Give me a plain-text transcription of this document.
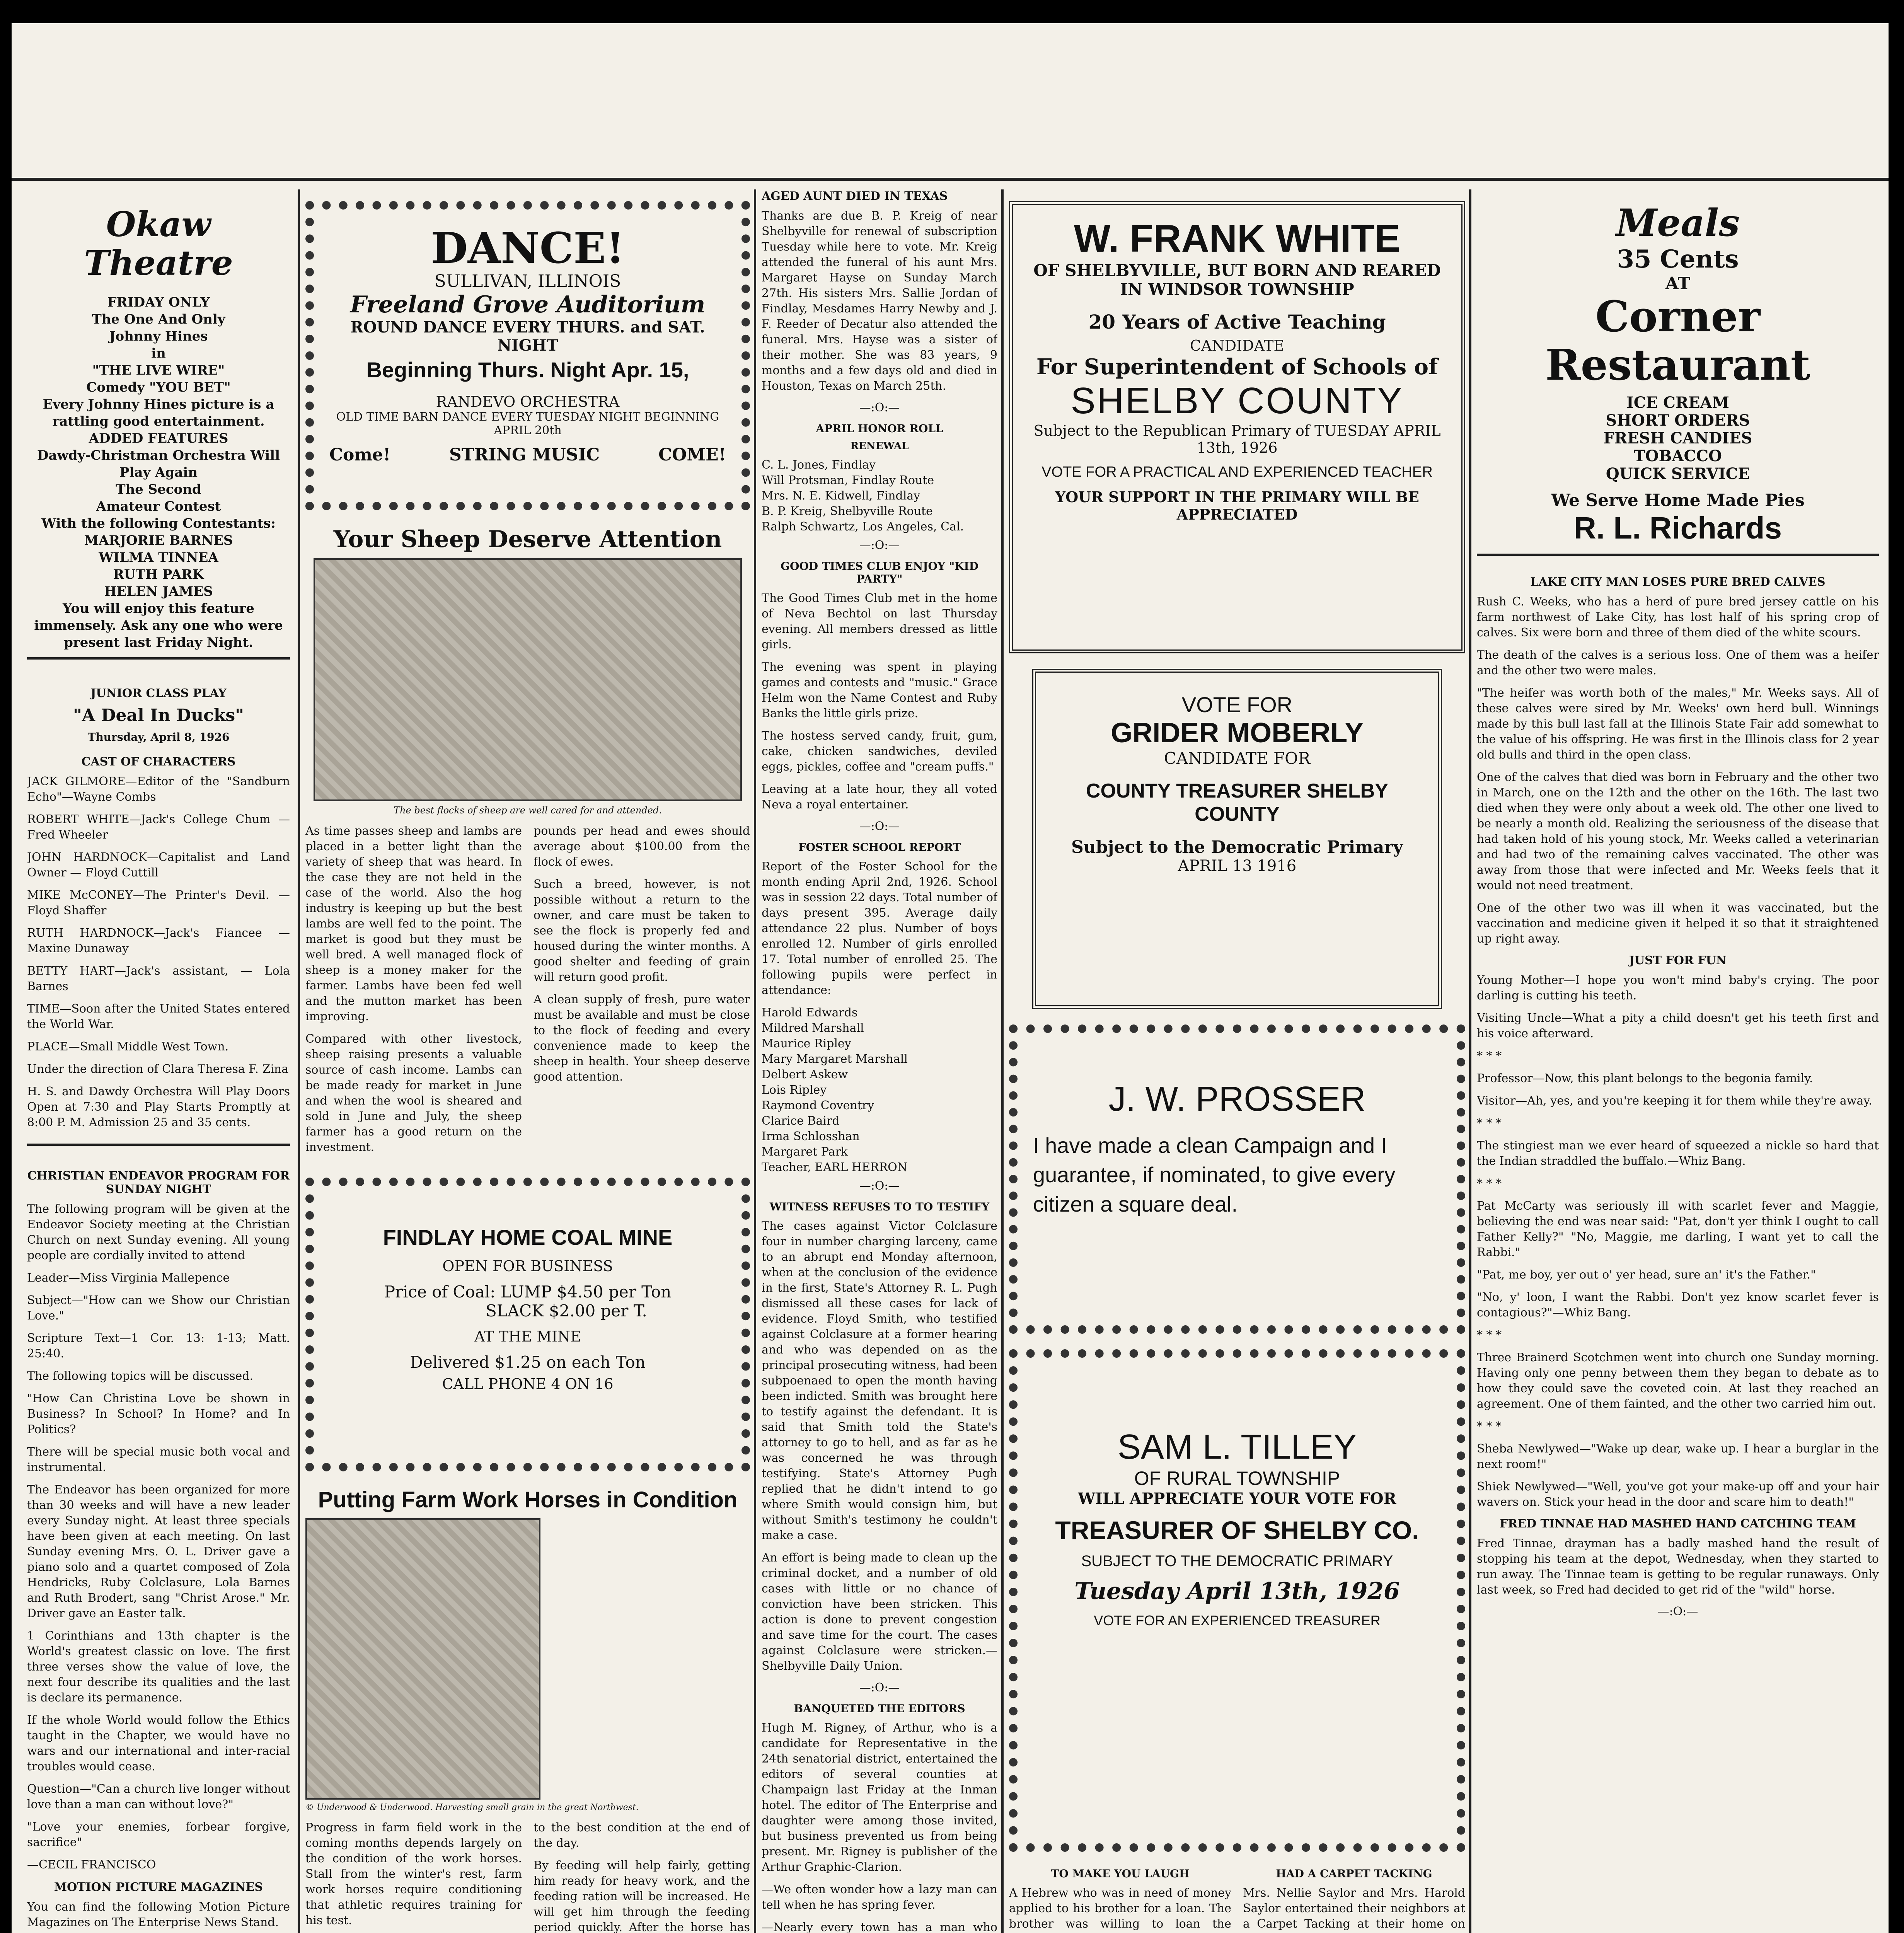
Okaw
Theatre
FRIDAY ONLY
The One And Only
Johnny Hines
in
"THE LIVE WIRE"
Comedy "YOU BET"
Every Johnny Hines picture is a rattling good entertainment.
ADDED FEATURES
Dawdy-Christman Orchestra Will Play Again
The Second
Amateur Contest
With the following Contestants:
MARJORIE BARNES
WILMA TINNEA
RUTH PARK
HELEN JAMES
You will enjoy this feature immensely. Ask any one who were present last Friday Night.
JUNIOR CLASS PLAY
"A Deal In Ducks"
Thursday, April 8, 1926
CAST OF CHARACTERS

JACK GILMORE—Editor of the "Sandburn Echo"—Wayne Combs

ROBERT WHITE—Jack's College Chum — Fred Wheeler

JOHN HARDNOCK—Capitalist and Land Owner — Floyd Cuttill

MIKE McCONEY—The Printer's Devil. — Floyd Shaffer

RUTH HARDNOCK—Jack's Fiancee — Maxine Dunaway

BETTY HART—Jack's assistant, — Lola Barnes

TIME—Soon after the United States entered the World War.

PLACE—Small Middle West Town.

Under the direction of Clara Theresa F. Zina

H. S. and Dawdy Orchestra Will Play Doors Open at 7:30 and Play Starts Promptly at 8:00 P. M. Admission 25 and 35 cents.

CHRISTIAN ENDEAVOR PROGRAM FOR SUNDAY NIGHT

The following program will be given at the Endeavor Society meeting at the Christian Church on next Sunday evening. All young people are cordially invited to attend

Leader—Miss Virginia Mallepence

Subject—"How can we Show our Christian Love."

Scripture Text—1 Cor. 13: 1-13; Matt. 25:40.

The following topics will be discussed.

"How Can Christina Love be shown in Business? In School? In Home? and In Politics?

There will be special music both vocal and instrumental.

The Endeavor has been organized for more than 30 weeks and will have a new leader every Sunday night. At least three specials have been given at each meeting. On last Sunday evening Mrs. O. L. Driver gave a piano solo and a quartet composed of Zola Hendricks, Ruby Colclasure, Lola Barnes and Ruth Brodert, sang "Christ Arose." Mr. Driver gave an Easter talk.

1 Corinthians and 13th chapter is the World's greatest classic on love. The first three verses show the value of love, the next four describe its qualities and the last is declare its permanence.

If the whole World would follow the Ethics taught in the Chapter, we would have no wars and our international and inter-racial troubles would cease.

Question—"Can a church live longer without love than a man can without love?"

"Love your enemies, forbear forgive, sacrifice"

—CECIL FRANCISCO

MOTION PICTURE MAGAZINES

You can find the following Motion Picture Magazines on The Enterprise News Stand.

DANCE!
SULLIVAN, ILLINOIS
Freeland Grove Auditorium
ROUND DANCE EVERY THURS. and SAT. NIGHT
Beginning Thurs. Night Apr. 15,
RANDEVO ORCHESTRA
OLD TIME BARN DANCE EVERY TUESDAY NIGHT BEGINNING APRIL 20th
Come!	STRING MUSIC	COME!
Your Sheep Deserve Attention
The best flocks of sheep are well cared for and attended.

As time passes sheep and lambs are placed in a better light than the variety of sheep that was heard. In the case they are not held in the case of the world. Also the hog industry is keeping up but the best lambs are well fed to the point. The market is good but they must be well bred. A well managed flock of sheep is a money maker for the farmer. Lambs have been fed well and the mutton market has been improving.

Compared with other livestock, sheep raising presents a valuable source of cash income. Lambs can be made ready for market in June and when the wool is sheared and sold in June and July, the sheep farmer has a good return on the investment.

pounds per head and ewes should average about $100.00 from the flock of ewes.

Such a breed, however, is not possible without a return to the owner, and care must be taken to see the flock is properly fed and housed during the winter months. A good shelter and feeding of grain will return good profit.

A clean supply of fresh, pure water must be available and must be close to the flock of feeding and every convenience made to keep the sheep in health. Your sheep deserve good attention.

FINDLAY HOME COAL MINE
OPEN FOR BUSINESS
Price of Coal: LUMP $4.50 per Ton
SLACK $2.00 per T.
AT THE MINE
Delivered $1.25 on each Ton
CALL PHONE 4 ON 16
Putting Farm Work Horses in Condition
© Underwood & Underwood. Harvesting small grain in the great Northwest.

Progress in farm field work in the coming months depends largely on the condition of the work horses. Stall from the winter's rest, farm work horses require conditioning that athletic requires training for his test.

to the best condition at the end of the day.

By feeding will help fairly, getting him ready for heavy work, and the feeding ration will be increased. He will get him through the feeding period quickly. After the horse has

AGED AUNT DIED IN TEXAS

Thanks are due B. P. Kreig of near Shelbyville for renewal of subscription Tuesday while here to vote. Mr. Kreig attended the funeral of his aunt Mrs. Margaret Hayse on Sunday March 27th. His sisters Mrs. Sallie Jordan of Findlay, Mesdames Harry Newby and J. F. Reeder of Decatur also attended the funeral. Mrs. Hayse was a sister of their mother. She was 83 years, 9 months and a few days old and died in Houston, Texas on March 25th.

—:O:—
APRIL HONOR ROLL
RENEWAL
C. L. Jones, Findlay
Will Protsman, Findlay Route
Mrs. N. E. Kidwell, Findlay
B. P. Kreig, Shelbyville Route
Ralph Schwartz, Los Angeles, Cal.
—:O:—
GOOD TIMES CLUB ENJOY "KID PARTY"

The Good Times Club met in the home of Neva Bechtol on last Thursday evening. All members dressed as little girls.

The evening was spent in playing games and contests and "music." Grace Helm won the Name Contest and Ruby Banks the little girls prize.

The hostess served candy, fruit, gum, cake, chicken sandwiches, deviled eggs, pickles, coffee and "cream puffs."

Leaving at a late hour, they all voted Neva a royal entertainer.

—:O:—
FOSTER SCHOOL REPORT

Report of the Foster School for the month ending April 2nd, 1926. School was in session 22 days. Total number of days present 395. Average daily attendance 22 plus. Number of boys enrolled 12. Number of girls enrolled 17. Total number of enrolled 25. The following pupils were perfect in attendance:

Harold Edwards
Mildred Marshall
Maurice Ripley
Mary Margaret Marshall
Delbert Askew
Lois Ripley
Raymond Coventry
Clarice Baird
Irma Schlosshan
Margaret Park
Teacher, EARL HERRON
—:O:—
WITNESS REFUSES TO TO TESTIFY

The cases against Victor Colclasure four in number charging larceny, came to an abrupt end Monday afternoon, when at the conclusion of the evidence in the first, State's Attorney R. L. Pugh dismissed all these cases for lack of evidence. Floyd Smith, who testified against Colclasure at a former hearing and who was depended on as the principal prosecuting witness, had been subpoenaed to open the month having been indicted. Smith was brought here to testify against the defendant. It is said that Smith told the State's attorney to go to hell, and as far as he was concerned he was through testifying. State's Attorney Pugh replied that he didn't intend to go where Smith would consign him, but without Smith's testimony he couldn't make a case.

An effort is being made to clean up the criminal docket, and a number of old cases with little or no chance of conviction have been stricken. This action is done to prevent congestion and save time for the court. The cases against Colclasure were stricken.—Shelbyville Daily Union.

—:O:—
BANQUETED THE EDITORS

Hugh M. Rigney, of Arthur, who is a candidate for Representative in the 24th senatorial district, entertained the editors of several counties at Champaign last Friday at the Inman hotel. The editor of The Enterprise and daughter were among those invited, but business prevented us from being present. Mr. Rigney is publisher of the Arthur Graphic-Clarion.

—We often wonder how a lazy man can tell when he has spring fever.

—Nearly every town has a man who

W. FRANK WHITE
OF SHELBYVILLE, BUT BORN AND REARED IN WINDSOR TOWNSHIP
20 Years of Active Teaching
CANDIDATE
For Superintendent of Schools of
SHELBY COUNTY
Subject to the Republican Primary of TUESDAY APRIL 13th, 1926
VOTE FOR A PRACTICAL AND EXPERIENCED TEACHER
YOUR SUPPORT IN THE PRIMARY WILL BE APPRECIATED
VOTE FOR
GRIDER MOBERLY
CANDIDATE FOR
COUNTY TREASURER SHELBY COUNTY
Subject to the Democratic Primary
APRIL 13 1916
J. W. PROSSER
I have made a clean Campaign and I guarantee, if nominated, to give every citizen a square deal.
SAM L. TILLEY
OF RURAL TOWNSHIP
WILL APPRECIATE YOUR VOTE FOR
TREASURER OF SHELBY CO.
SUBJECT TO THE DEMOCRATIC PRIMARY
Tuesday April 13th, 1926
VOTE FOR AN EXPERIENCED TREASURER
TO MAKE YOU LAUGH

A Hebrew who was in need of money applied to his brother for a loan. The brother was willing to loan the

HAD A CARPET TACKING

Mrs. Nellie Saylor and Mrs. Harold Saylor entertained their neighbors at a Carpet Tacking at their home on

Meals
35 Cents
AT
Corner
Restaurant
ICE CREAM
SHORT ORDERS
FRESH CANDIES
TOBACCO
QUICK SERVICE
We Serve Home Made Pies
R. L. Richards
LAKE CITY MAN LOSES PURE BRED CALVES

Rush C. Weeks, who has a herd of pure bred jersey cattle on his farm northwest of Lake City, has lost half of his spring crop of calves. Six were born and three of them died of the white scours.

The death of the calves is a serious loss. One of them was a heifer and the other two were males.

"The heifer was worth both of the males," Mr. Weeks says. All of these calves were sired by Mr. Weeks' own herd bull. Winnings made by this bull last fall at the Illinois State Fair add somewhat to the value of his offspring. He was first in the Illinois class for 2 year old bulls and third in the open class.

One of the calves that died was born in February and the other two in March, one on the 12th and the other on the 16th. The last two died when they were only about a week old. The other one lived to be nearly a month old. Realizing the seriousness of the disease that had taken hold of his young stock, Mr. Weeks called a veterinarian and had two of the remaining calves vaccinated. The other was away from those that were infected and Mr. Weeks feels that it would not need treatment.

One of the other two was ill when it was vaccinated, but the vaccination and medicine given it helped it so that it straightened up right away.

JUST FOR FUN

Young Mother—I hope you won't mind baby's crying. The poor darling is cutting his teeth.

Visiting Uncle—What a pity a child doesn't get his teeth first and his voice afterward.

* * *

Professor—Now, this plant belongs to the begonia family.

Visitor—Ah, yes, and you're keeping it for them while they're away.

* * *

The stingiest man we ever heard of squeezed a nickle so hard that the Indian straddled the buffalo.—Whiz Bang.

* * *

Pat McCarty was seriously ill with scarlet fever and Maggie, believing the end was near said: "Pat, don't yer think I ought to call Father Kelly?" "No, Maggie, me darling, I want yet to call the Rabbi."

"Pat, me boy, yer out o' yer head, sure an' it's the Father."

"No, y' loon, I want the Rabbi. Don't yez know scarlet fever is contagious?"—Whiz Bang.

* * *

Three Brainerd Scotchmen went into church one Sunday morning. Having only one penny between them they began to debate as to how they could save the coveted coin. At last they reached an agreement. One of them fainted, and the other two carried him out.

* * *

Sheba Newlywed—"Wake up dear, wake up. I hear a burglar in the next room!"

Shiek Newlywed—"Well, you've got your make-up off and your hair wavers on. Stick your head in the door and scare him to death!"

FRED TINNAE HAD MASHED HAND CATCHING TEAM

Fred Tinnae, drayman has a badly mashed hand the result of stopping his team at the depot, Wednesday, when they started to run away. The Tinnae team is getting to be regular runaways. Only last week, so Fred had decided to get rid of the "wild" horse.

—:O:—
